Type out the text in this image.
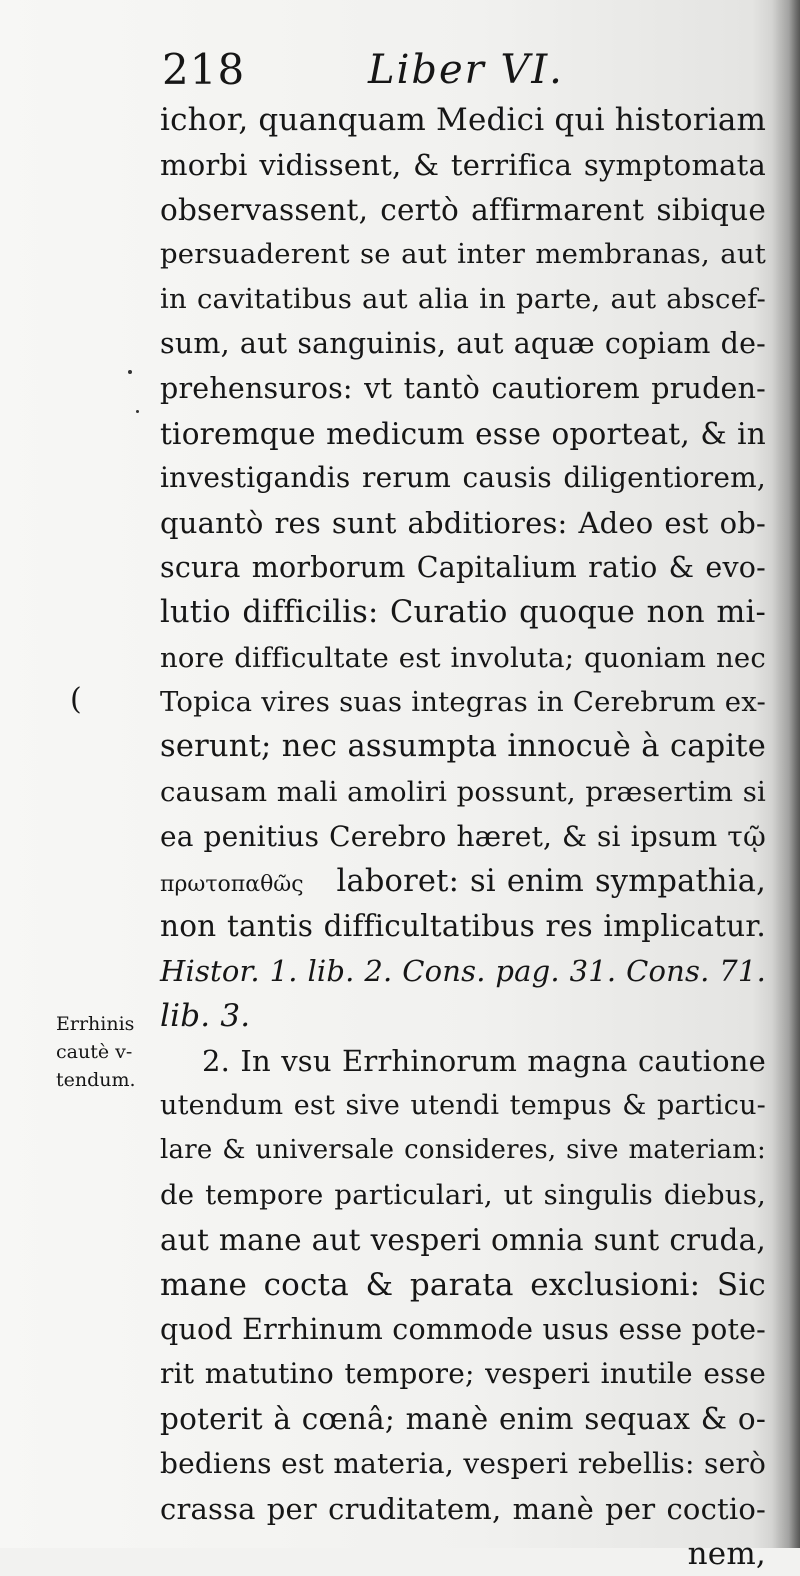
218	Liber VI.
(
Errhinis
cautè v-
tendum.
ichor, quanquam Medici qui historiam
morbi vidissent, & terrifica symptomata
observassent, certò affirmarent sibique
persuaderent se aut inter membranas, aut
in cavitatibus aut alia in parte, aut abscef-
sum, aut sanguinis, aut aquæ copiam de-
prehensuros: vt tantò cautiorem pruden-
tioremque medicum esse oporteat, & in
investigandis rerum causis diligentiorem,
quantò res sunt abditiores: Adeo est ob-
scura morborum Capitalium ratio & evo-
lutio difficilis: Curatio quoque non mi-
nore difficultate est involuta; quoniam nec
Topica vires suas integras in Cerebrum ex-
serunt; nec assumpta innocuè à capite
causam mali amoliri possunt, præsertim si
ea penitius Cerebro hæret, & si ipsum τῷ
πρωτοπαθῶς laboret: si enim sympathia,
non tantis difficultatibus res implicatur.
Histor. 1. lib. 2. Cons. pag. 31. Cons. 71.
lib. 3.
2. In vsu Errhinorum magna cautione
utendum est sive utendi tempus & particu-
lare & universale consideres, sive materiam:
de tempore particulari, ut singulis diebus,
aut mane aut vesperi omnia sunt cruda,
mane cocta & parata exclusioni: Sic
quod Errhinum commode usus esse pote-
rit matutino tempore; vesperi inutile esse
poterit à cœnâ; manè enim sequax & o-
bediens est materia, vesperi rebellis: serò
crassa per cruditatem, manè per coctio-
nem,
